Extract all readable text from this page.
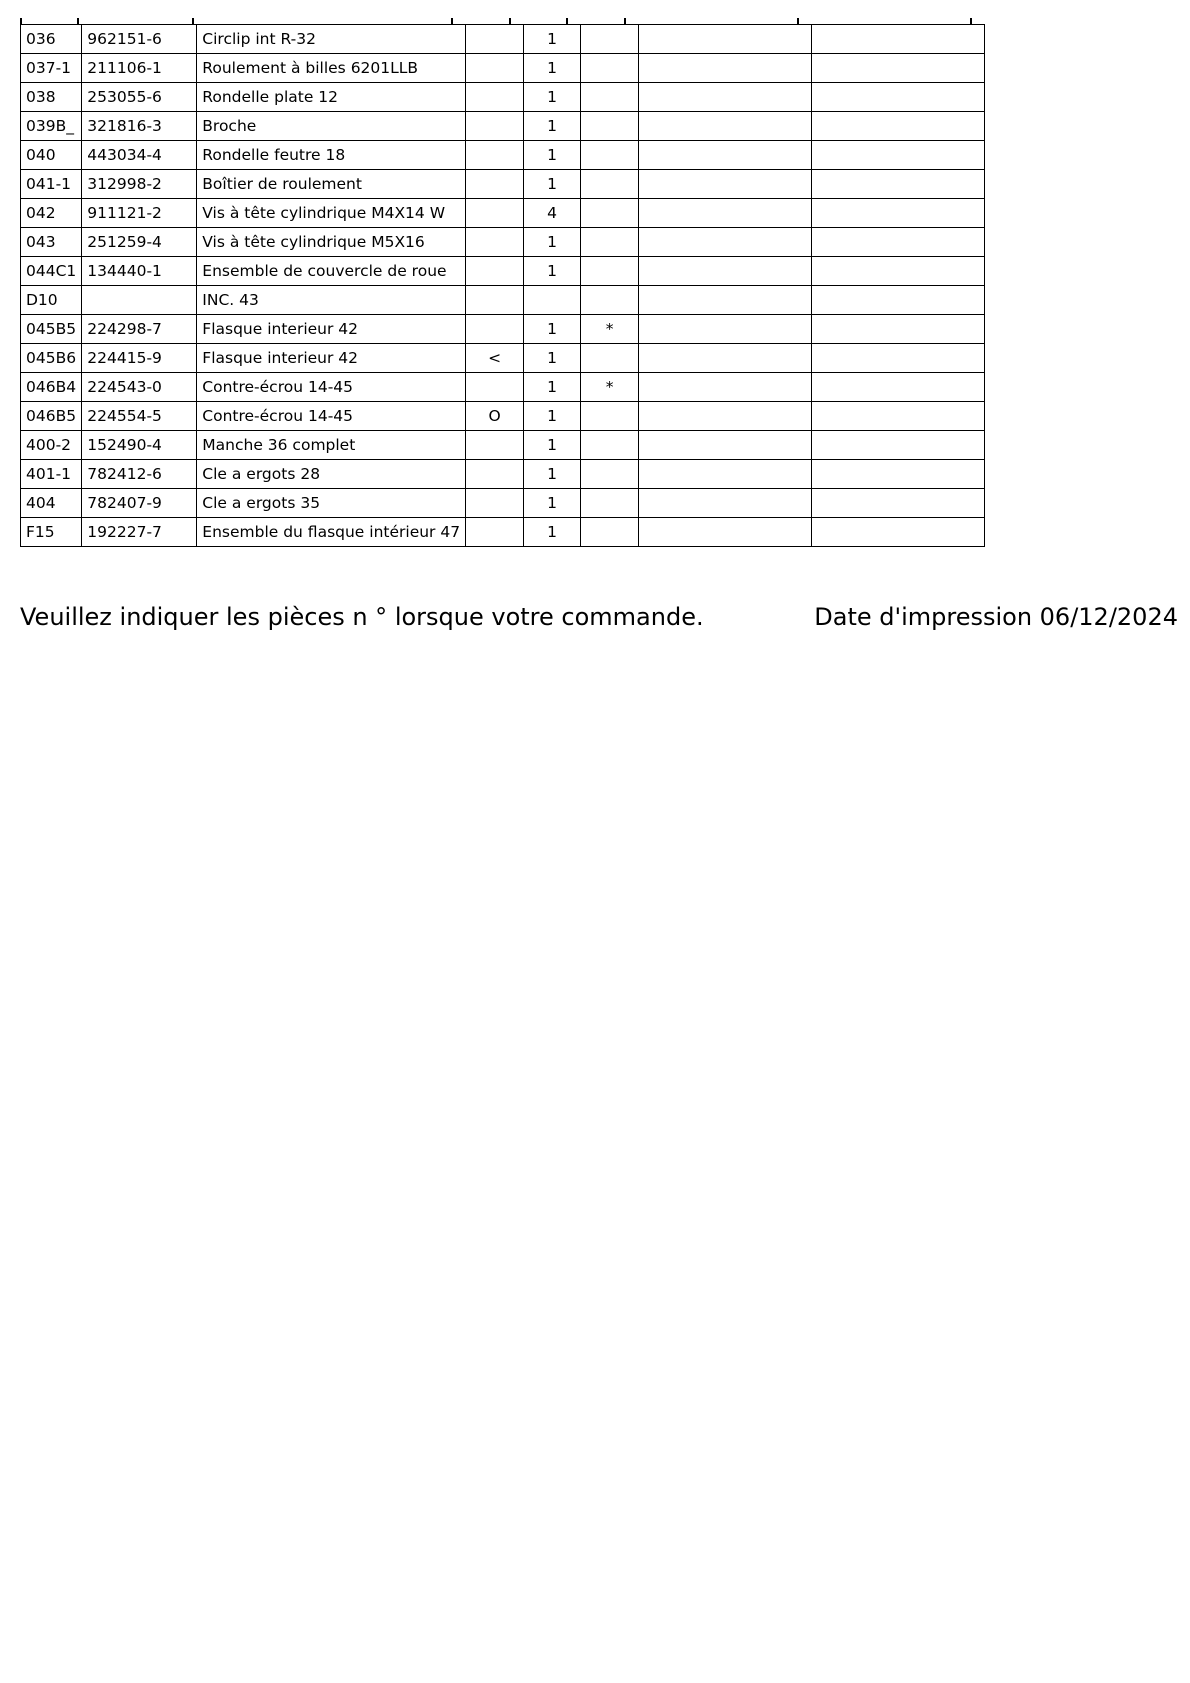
036	962151-6	Circlip int R-32		1			
037-1	211106-1	Roulement à billes 6201LLB		1			
038	253055-6	Rondelle plate 12		1			
039B_	321816-3	Broche		1			
040	443034-4	Rondelle feutre 18		1			
041-1	312998-2	Boîtier de roulement		1			
042	911121-2	Vis à tête cylindrique M4X14 W		4			
043	251259-4	Vis à tête cylindrique M5X16		1			
044C1	134440-1	Ensemble de couvercle de roue		1			
D10		INC. 43					
045B5	224298-7	Flasque interieur 42		1	*		
045B6	224415-9	Flasque interieur 42	<	1			
046B4	224543-0	Contre-écrou 14-45		1	*		
046B5	224554-5	Contre-écrou 14-45	O	1			
400-2	152490-4	Manche 36 complet		1			
401-1	782412-6	Cle a ergots 28		1			
404	782407-9	Cle a ergots 35		1			
F15	192227-7	Ensemble du flasque intérieur 47		1			
Veuillez indiquer les pièces n ° lorsque votre commande.	Date d'impression 06/12/2024
